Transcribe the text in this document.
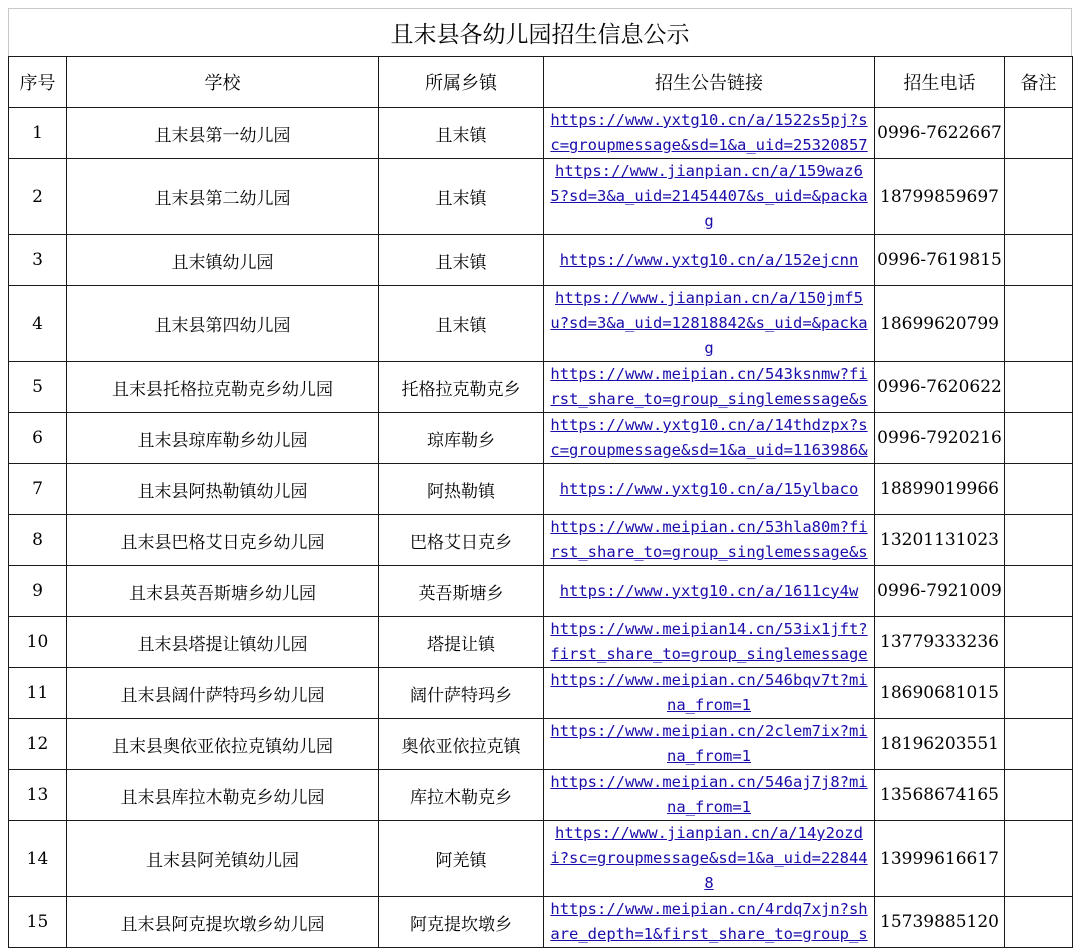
且末县各幼儿园招生信息公示
序号	学校	所属乡镇	招生公告链接	招生电话	备注
1	且末县第一幼儿园	且末镇	https://www.yxtg10.cn/a/1522s5pj?sc=groupmessage&sd=1&a_uid=25320857	0996-7622667	
2	且末县第二幼儿园	且末镇	https://www.jianpian.cn/a/159waz65?sd=3&a_uid=21454407&s_uid=&packag	18799859697	
3	且末镇幼儿园	且末镇	https://www.yxtg10.cn/a/152ejcnn	0996-7619815	
4	且末县第四幼儿园	且末镇	https://www.jianpian.cn/a/150jmf5u?sd=3&a_uid=12818842&s_uid=&packag	18699620799	
5	且末县托格拉克勒克乡幼儿园	托格拉克勒克乡	https://www.meipian.cn/543ksnmw?first_share_to=group_singlemessage&s	0996-7620622	
6	且末县琼库勒乡幼儿园	琼库勒乡	https://www.yxtg10.cn/a/14thdzpx?sc=groupmessage&sd=1&a_uid=1163986&	0996-7920216	
7	且末县阿热勒镇幼儿园	阿热勒镇	https://www.yxtg10.cn/a/15ylbaco	18899019966	
8	且末县巴格艾日克乡幼儿园	巴格艾日克乡	https://www.meipian.cn/53hla80m?first_share_to=group_singlemessage&s	13201131023	
9	且末县英吾斯塘乡幼儿园	英吾斯塘乡	https://www.yxtg10.cn/a/1611cy4w	0996-7921009	
10	且末县塔提让镇幼儿园	塔提让镇	https://www.meipian14.cn/53ix1jft?first_share_to=group_singlemessage	13779333236	
11	且末县阔什萨特玛乡幼儿园	阔什萨特玛乡	https://www.meipian.cn/546bqv7t?mina_from=1	18690681015	
12	且末县奥依亚依拉克镇幼儿园	奥依亚依拉克镇	https://www.meipian.cn/2clem7ix?mina_from=1	18196203551	
13	且末县库拉木勒克乡幼儿园	库拉木勒克乡	https://www.meipian.cn/546aj7j8?mina_from=1	13568674165	
14	且末县阿羌镇幼儿园	阿羌镇	https://www.jianpian.cn/a/14y2ozdi?sc=groupmessage&sd=1&a_uid=228448	13999616617	
15	且末县阿克提坎墩乡幼儿园	阿克提坎墩乡	https://www.meipian.cn/4rdq7xjn?share_depth=1&first_share_to=group_s	15739885120	
